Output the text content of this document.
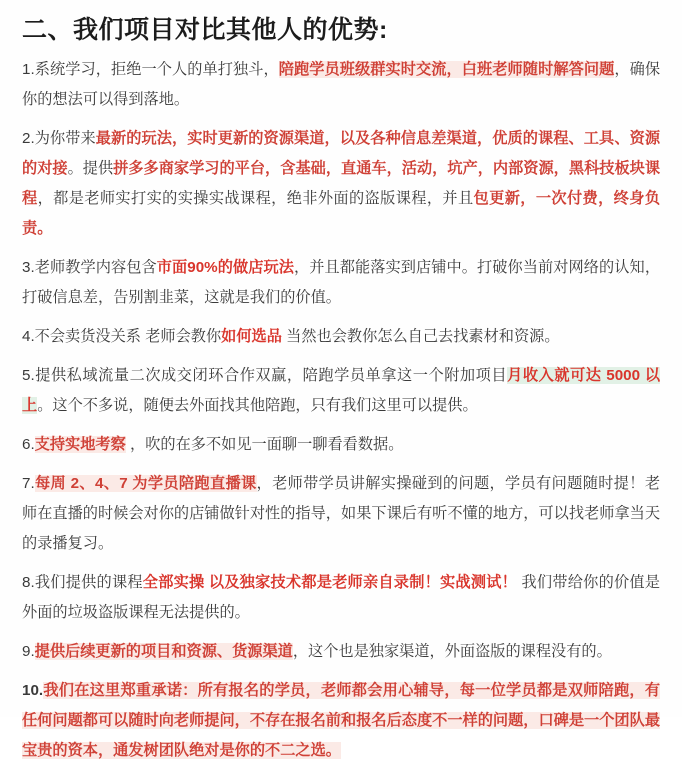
二、我们项目对比其他人的优势:

1.系统学习，拒绝一个人的单打独斗，陪跑学员班级群实时交流，白班老师随时解答问题，确保你的想法可以得到落地。

2.为你带来最新的玩法，实时更新的资源渠道，以及各种信息差渠道，优质的课程、工具、资源的对接。提供拼多多商家学习的平台，含基础，直通车，活动，坑产，内部资源，黑科技板块课程，都是老师实打实的实操实战课程，绝非外面的盗版课程，并且包更新，一次付费，终身负责。

3.老师教学内容包含市面90%的做店玩法，并且都能落实到店铺中。打破你当前对网络的认知，打破信息差，告别割韭菜，这就是我们的价值。

4.不会卖货没关系 老师会教你如何选品 当然也会教你怎么自己去找素材和资源。

5.提供私域流量二次成交闭环合作双赢，陪跑学员单拿这一个附加项目月收入就可达 5000 以上。这个不多说，随便去外面找其他陪跑，只有我们这里可以提供。

6.支持实地考察 ，吹的在多不如见一面聊一聊看看数据。

7.每周 2、4、7 为学员陪跑直播课，老师带学员讲解实操碰到的问题，学员有问题随时提！老师在直播的时候会对你的店铺做针对性的指导，如果下课后有听不懂的地方，可以找老师拿当天的录播复习。

8.我们提供的课程全部实操 以及独家技术都是老师亲自录制！实战测试！ 我们带给你的价值是外面的垃圾盗版课程无法提供的。

9.提供后续更新的项目和资源、货源渠道，这个也是独家渠道，外面盗版的课程没有的。

10.我们在这里郑重承诺：所有报名的学员，老师都会用心辅导，每一位学员都是双师陪跑，有任何问题都可以随时向老师提问，不存在报名前和报名后态度不一样的问题，口碑是一个团队最宝贵的资本，通发树团队绝对是你的不二之选。
